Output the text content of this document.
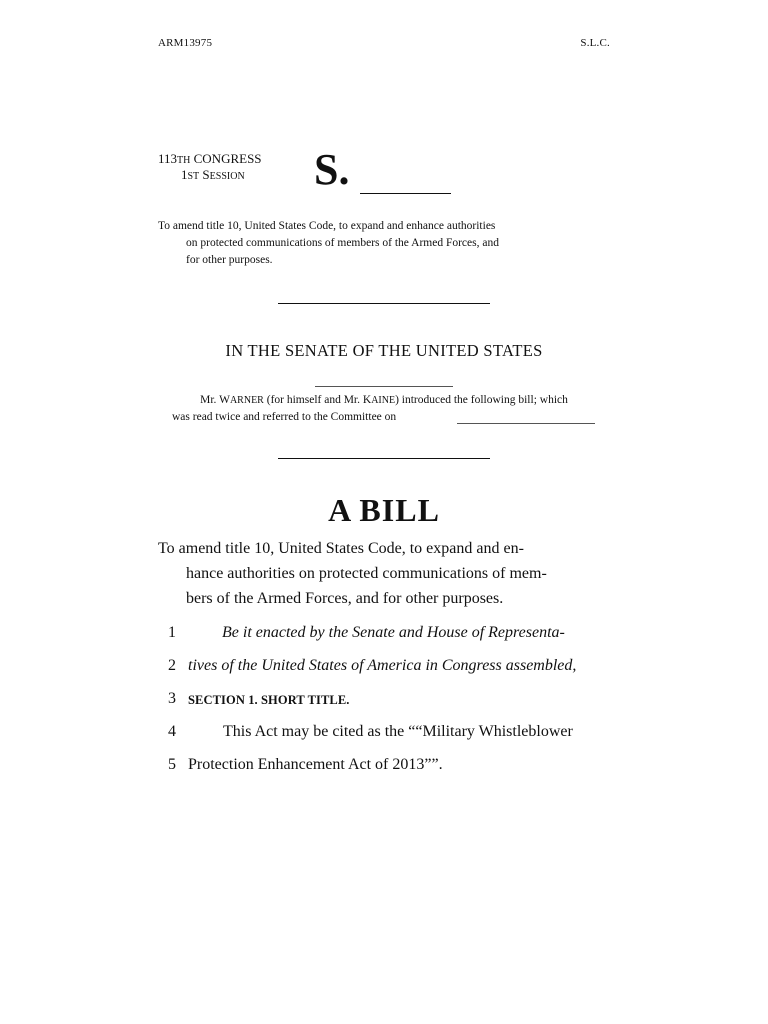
ARM13975	S.L.C.
113TH CONGRESS
1ST SESSION S.
To amend title 10, United States Code, to expand and enhance authorities
on protected communications of members of the Armed Forces, and
for other purposes.
IN THE SENATE OF THE UNITED STATES
Mr. WARNER (for himself and Mr. KAINE) introduced the following bill; which
was read twice and referred to the Committee on
A BILL
To amend title 10, United States Code, to expand and en-
hance authorities on protected communications of mem-
bers of the Armed Forces, and for other purposes.
1	Be it enacted by the Senate and House of Representa-
2 tives of the United States of America in Congress assembled,
3 SECTION 1. SHORT TITLE.
4	This Act may be cited as the ““Military Whistleblower
5 Protection Enhancement Act of 2013””.
